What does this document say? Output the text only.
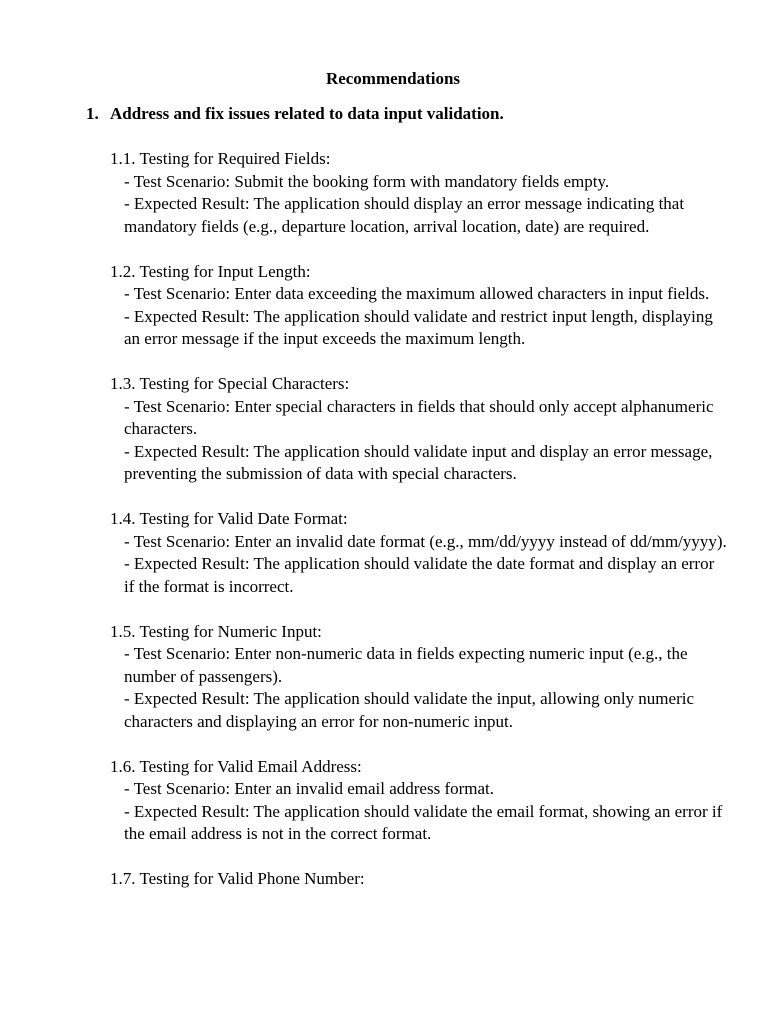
Recommendations

1. Address and fix issues related to data input validation.

1.1. Testing for Required Fields:
- Test Scenario: Submit the booking form with mandatory fields empty.
- Expected Result: The application should display an error message indicating that mandatory fields (e.g., departure location, arrival location, date) are required.
1.2. Testing for Input Length:
- Test Scenario: Enter data exceeding the maximum allowed characters in input fields.
- Expected Result: The application should validate and restrict input length, displaying an error message if the input exceeds the maximum length.
1.3. Testing for Special Characters:
- Test Scenario: Enter special characters in fields that should only accept alphanumeric characters.
- Expected Result: The application should validate input and display an error message, preventing the submission of data with special characters.
1.4. Testing for Valid Date Format:
- Test Scenario: Enter an invalid date format (e.g., mm/dd/yyyy instead of dd/mm/yyyy).
- Expected Result: The application should validate the date format and display an error if the format is incorrect.
1.5. Testing for Numeric Input:
- Test Scenario: Enter non-numeric data in fields expecting numeric input (e.g., the number of passengers).
- Expected Result: The application should validate the input, allowing only numeric characters and displaying an error for non-numeric input.
1.6. Testing for Valid Email Address:
- Test Scenario: Enter an invalid email address format.
- Expected Result: The application should validate the email format, showing an error if the email address is not in the correct format.
1.7. Testing for Valid Phone Number:
